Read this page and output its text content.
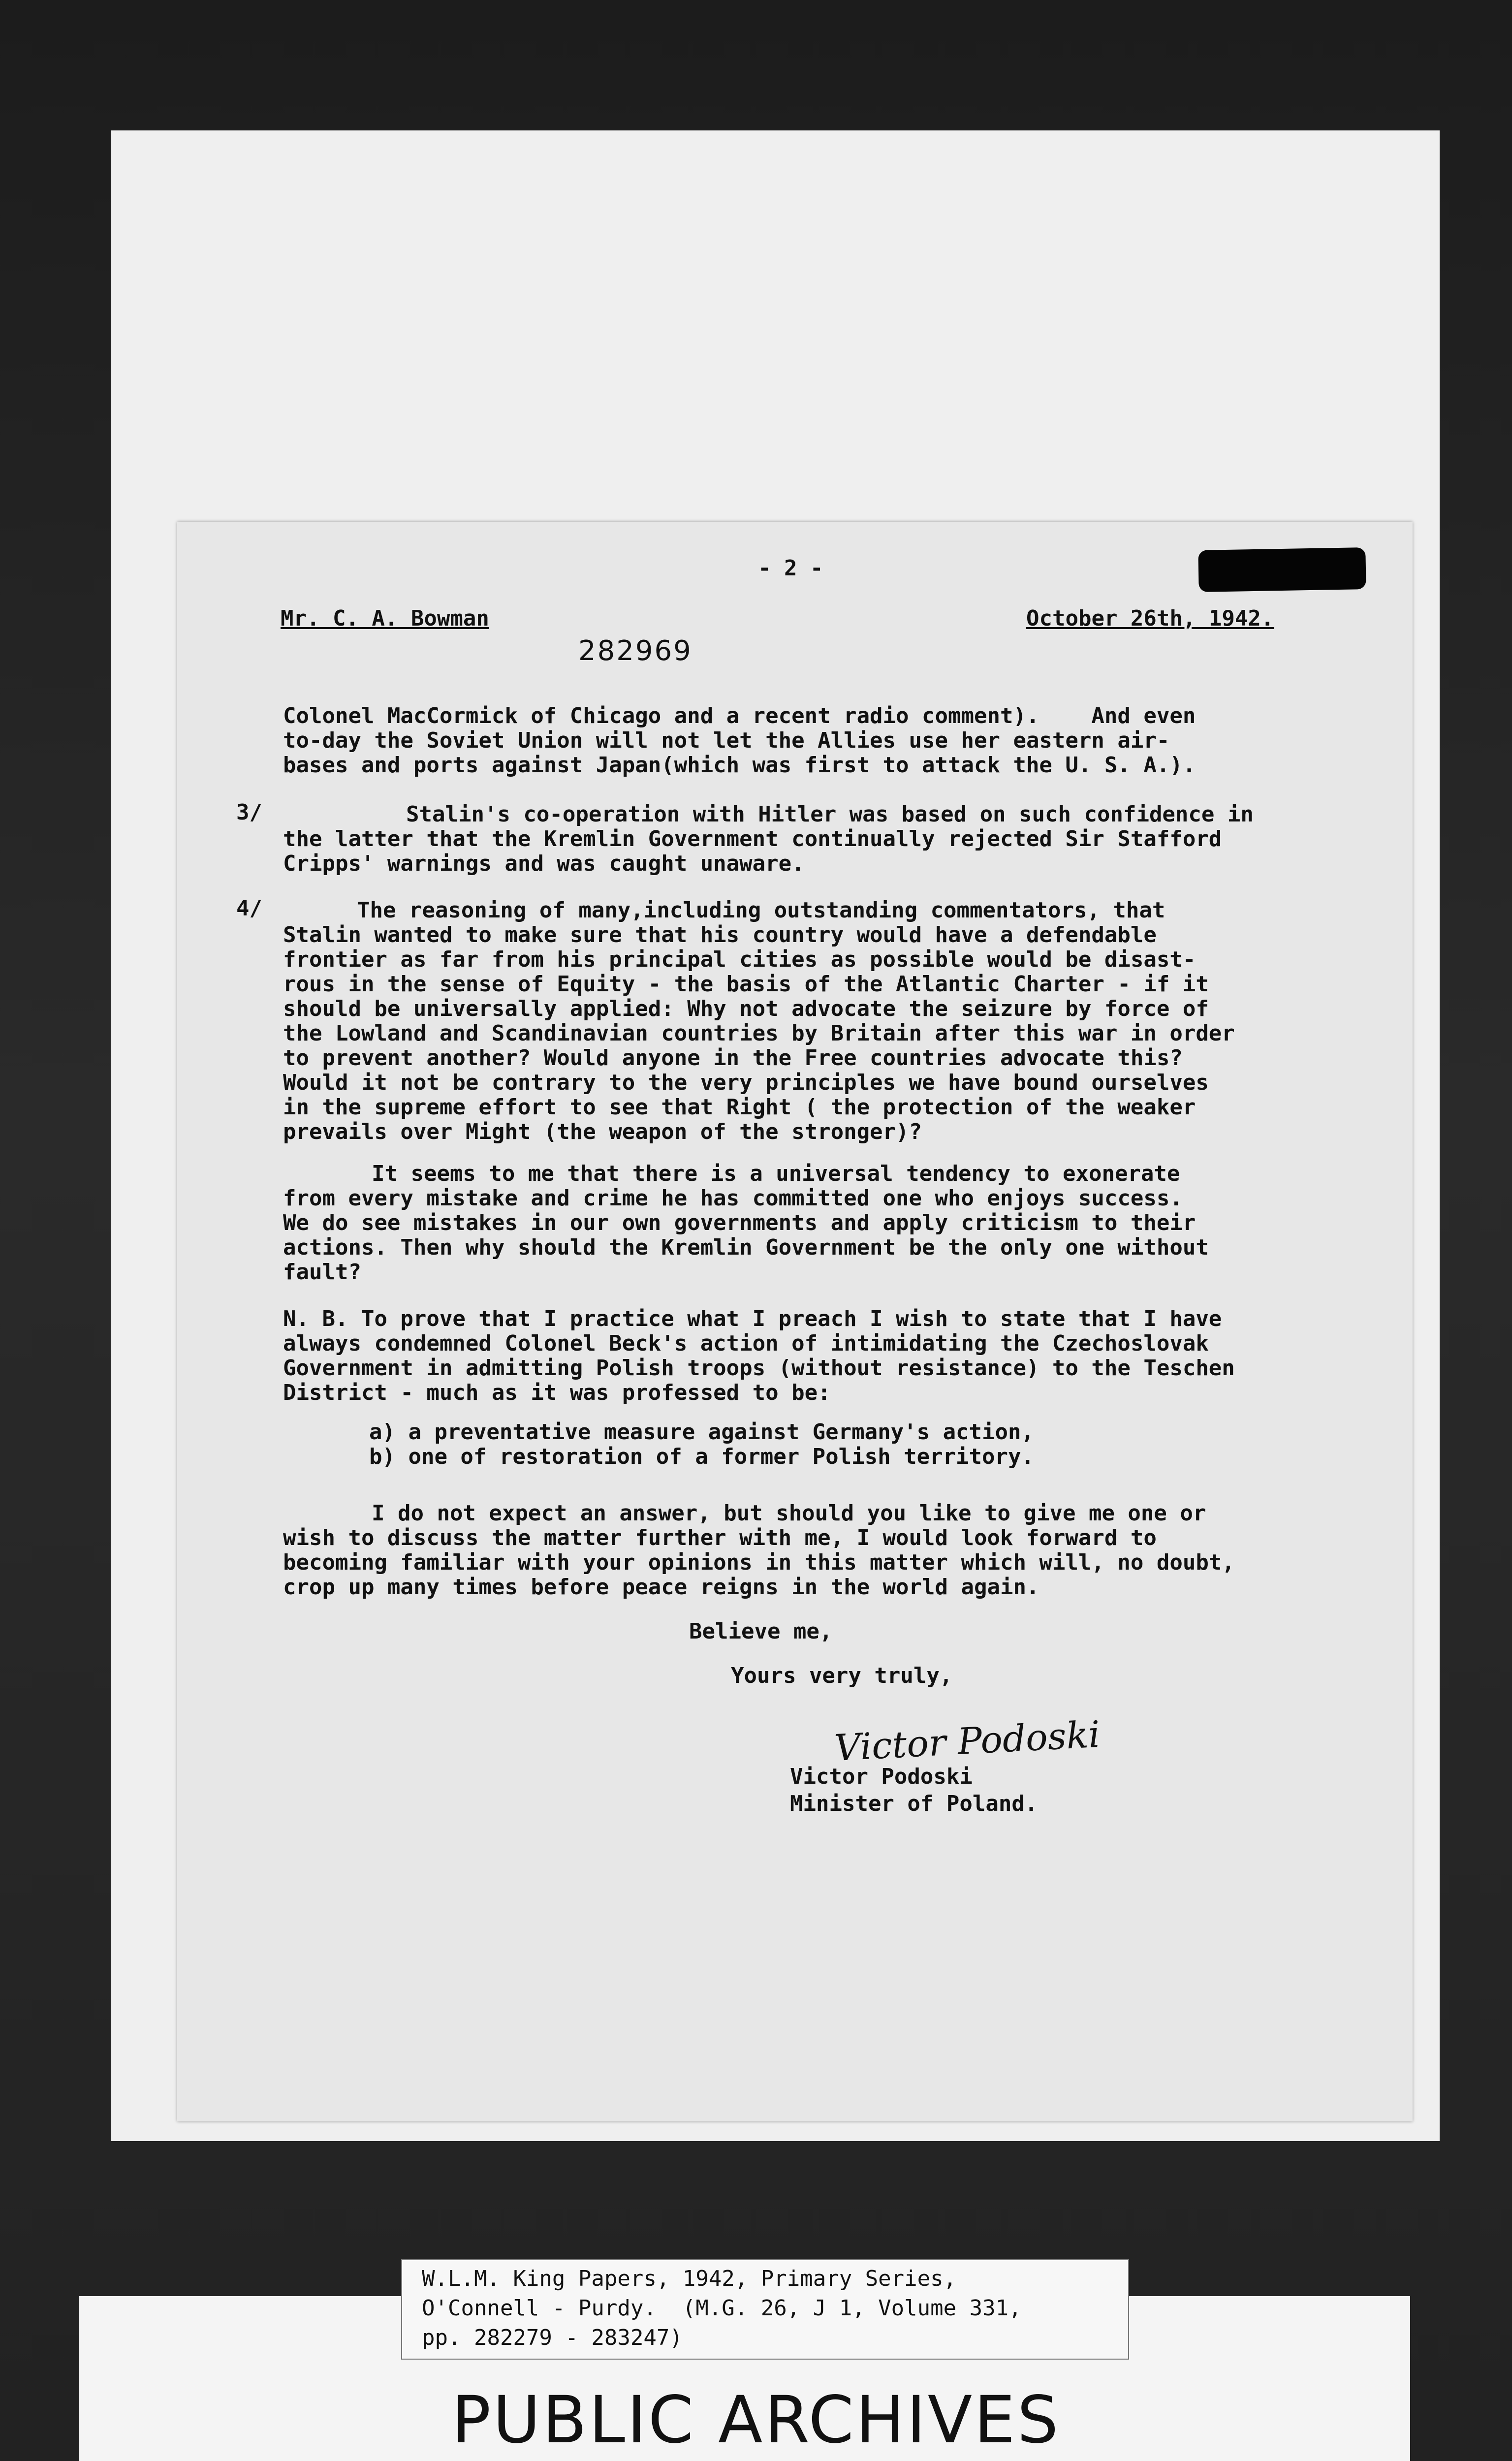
- 2 -
Mr. C. A. Bowman	October 26th, 1942.
282969

Colonel MacCormick of Chicago and a recent radio comment).    And even

to-day the Soviet Union will not let the Allies use her eastern air-

bases and ports against Japan(which was first to attack the U. S. A.).

3/	Stalin's co-operation with Hitler was based on such confidence in

the latter that the Kremlin Government continually rejected Sir Stafford

Cripps' warnings and was caught unaware.

4/	The reasoning of many,including outstanding commentators, that

Stalin wanted to make sure that his country would have a defendable

frontier as far from his principal cities as possible would be disast-

rous in the sense of Equity - the basis of the Atlantic Charter - if it

should be universally applied: Why not advocate the seizure by force of

the Lowland and Scandinavian countries by Britain after this war in order

to prevent another? Would anyone in the Free countries advocate this?

Would it not be contrary to the very principles we have bound ourselves

in the supreme effort to see that Right ( the protection of the weaker

prevails over Might (the weapon of the stronger)?

It seems to me that there is a universal tendency to exonerate

from every mistake and crime he has committed one who enjoys success.

We do see mistakes in our own governments and apply criticism to their

actions. Then why should the Kremlin Government be the only one without

fault?

N. B. To prove that I practice what I preach I wish to state that I have

always condemned Colonel Beck's action of intimidating the Czechoslovak

Government in admitting Polish troops (without resistance) to the Teschen

District - much as it was professed to be:

a) a preventative measure against Germany's action,

b) one of restoration of a former Polish territory.

I do not expect an answer, but should you like to give me one or

wish to discuss the matter further with me, I would look forward to

becoming familiar with your opinions in this matter which will, no doubt,

crop up many times before peace reigns in the world again.

Believe me,
Yours very truly,
Victor Podoski
Victor Podoski
Minister of Poland.

W.L.M. King Papers, 1942, Primary Series,

O'Connell - Purdy.  (M.G. 26, J 1, Volume 331,

pp. 282279 - 283247)

PUBLIC ARCHIVES
